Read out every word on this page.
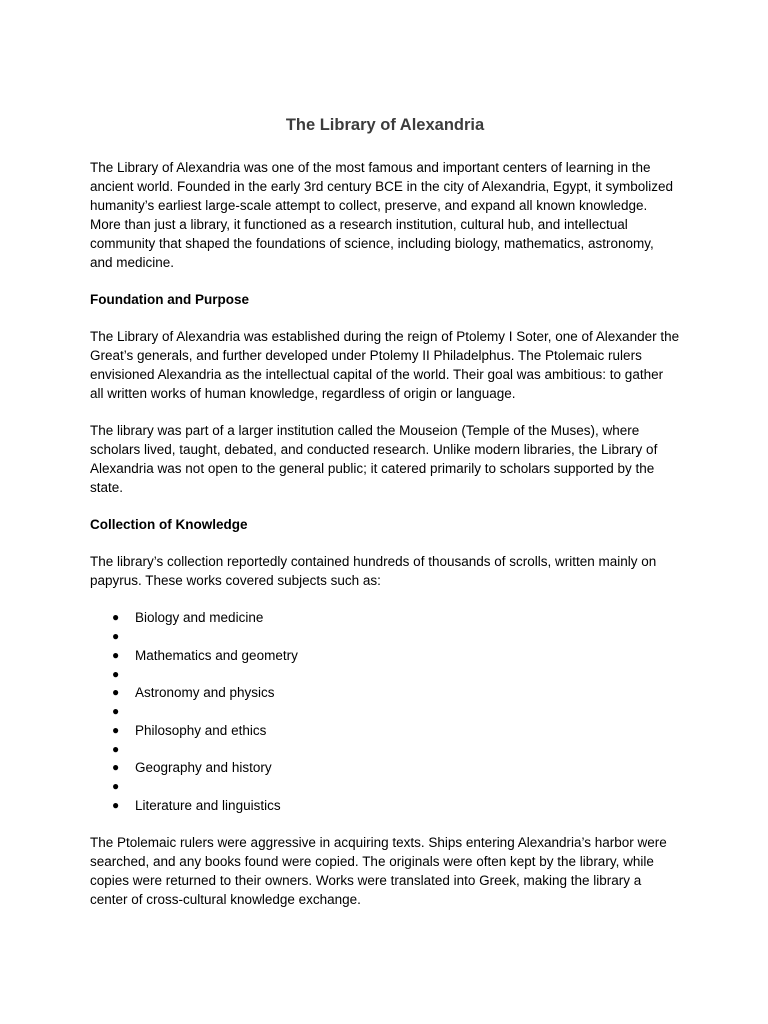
The Library of Alexandria

The Library of Alexandria was one of the most famous and important centers of learning in the ancient world. Founded in the early 3rd century BCE in the city of Alexandria, Egypt, it symbolized humanity’s earliest large-scale attempt to collect, preserve, and expand all known knowledge. More than just a library, it functioned as a research institution, cultural hub, and intellectual community that shaped the foundations of science, including biology, mathematics, astronomy, and medicine.

Foundation and Purpose

The Library of Alexandria was established during the reign of Ptolemy I Soter, one of Alexander the Great’s generals, and further developed under Ptolemy II Philadelphus. The Ptolemaic rulers envisioned Alexandria as the intellectual capital of the world. Their goal was ambitious: to gather all written works of human knowledge, regardless of origin or language.

The library was part of a larger institution called the Mouseion (Temple of the Muses), where scholars lived, taught, debated, and conducted research. Unlike modern libraries, the Library of Alexandria was not open to the general public; it catered primarily to scholars supported by the state.

Collection of Knowledge

The library’s collection reportedly contained hundreds of thousands of scrolls, written mainly on papyrus. These works covered subjects such as:

● Biology and medicine
●
● Mathematics and geometry
●
● Astronomy and physics
●
● Philosophy and ethics
●
● Geography and history
●
● Literature and linguistics

The Ptolemaic rulers were aggressive in acquiring texts. Ships entering Alexandria’s harbor were searched, and any books found were copied. The originals were often kept by the library, while copies were returned to their owners. Works were translated into Greek, making the library a center of cross-cultural knowledge exchange.
